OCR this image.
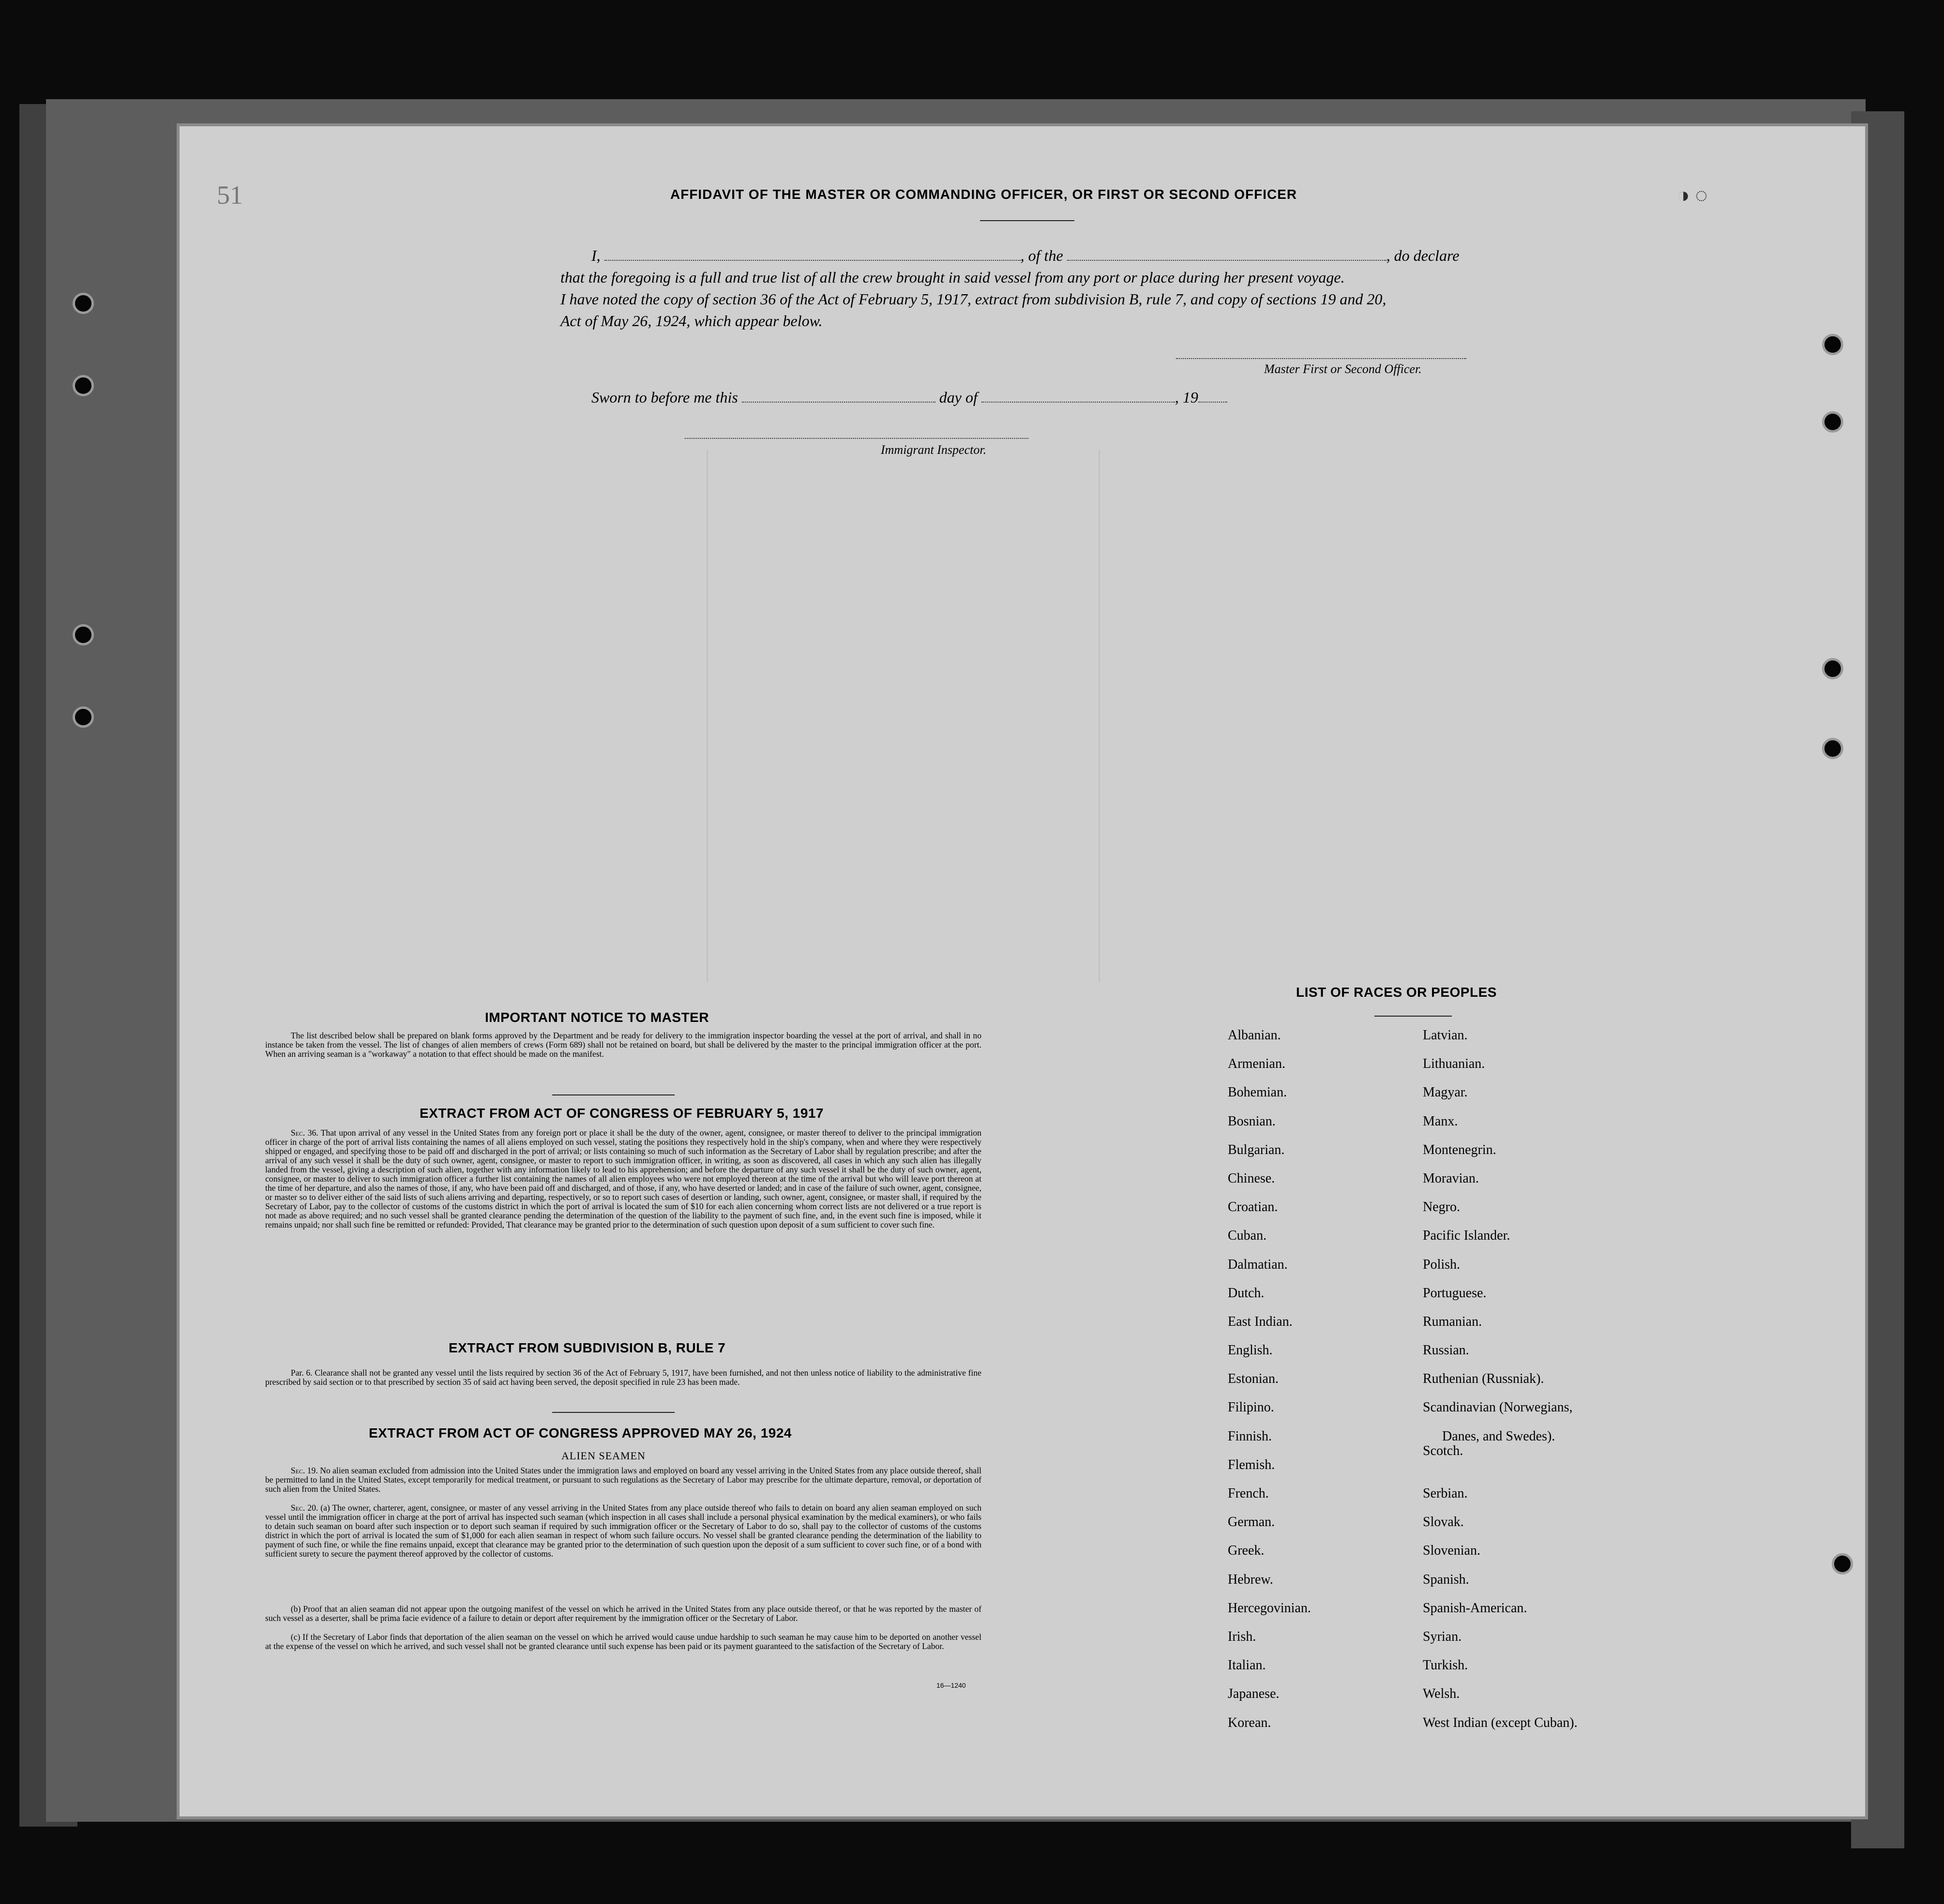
51	◑ ◌
AFFIDAVIT OF THE MASTER OR COMMANDING OFFICER, OR FIRST OR SECOND OFFICER
I,	, of the	, do declare
that the foregoing is a full and true list of all the crew brought in said vessel from any port or place during her present voyage.
I have noted the copy of section 36 of the Act of February 5, 1917, extract from subdivision B, rule 7, and copy of sections 19 and 20,
Act of May 26, 1924, which appear below.
Master First or Second Officer.
Sworn to before me this	day of	, 19
Immigrant Inspector.
IMPORTANT NOTICE TO MASTER

The list described below shall be prepared on blank forms approved by the Department and be ready for delivery to the immigration inspector boarding the vessel at the port of arrival, and shall in no instance be taken from the vessel. The list of changes of alien members of crews (Form 689) shall not be retained on board, but shall be delivered by the master to the principal immigration officer at the port. When an arriving seaman is a "workaway" a notation to that effect should be made on the manifest.

EXTRACT FROM ACT OF CONGRESS OF FEBRUARY 5, 1917

Sec. 36. That upon arrival of any vessel in the United States from any foreign port or place it shall be the duty of the owner, agent, consignee, or master thereof to deliver to the principal immigration officer in charge of the port of arrival lists containing the names of all aliens employed on such vessel, stating the positions they respectively hold in the ship's company, when and where they were respectively shipped or engaged, and specifying those to be paid off and discharged in the port of arrival; or lists containing so much of such information as the Secretary of Labor shall by regulation prescribe; and after the arrival of any such vessel it shall be the duty of such owner, agent, consignee, or master to report to such immigration officer, in writing, as soon as discovered, all cases in which any such alien has illegally landed from the vessel, giving a description of such alien, together with any information likely to lead to his apprehension; and before the departure of any such vessel it shall be the duty of such owner, agent, consignee, or master to deliver to such immigration officer a further list containing the names of all alien employees who were not employed thereon at the time of the arrival but who will leave port thereon at the time of her departure, and also the names of those, if any, who have been paid off and discharged, and of those, if any, who have deserted or landed; and in case of the failure of such owner, agent, consignee, or master so to deliver either of the said lists of such aliens arriving and departing, respectively, or so to report such cases of desertion or landing, such owner, agent, consignee, or master shall, if required by the Secretary of Labor, pay to the collector of customs of the customs district in which the port of arrival is located the sum of $10 for each alien concerning whom correct lists are not delivered or a true report is not made as above required; and no such vessel shall be granted clearance pending the determination of the question of the liability to the payment of such fine, and, in the event such fine is imposed, while it remains unpaid; nor shall such fine be remitted or refunded: Provided, That clearance may be granted prior to the determination of such question upon deposit of a sum sufficient to cover such fine.

EXTRACT FROM SUBDIVISION B, RULE 7

Par. 6. Clearance shall not be granted any vessel until the lists required by section 36 of the Act of February 5, 1917, have been furnished, and not then unless notice of liability to the administrative fine prescribed by said section or to that prescribed by section 35 of said act having been served, the deposit specified in rule 23 has been made.

EXTRACT FROM ACT OF CONGRESS APPROVED MAY 26, 1924
ALIEN SEAMEN

Sec. 19. No alien seaman excluded from admission into the United States under the immigration laws and employed on board any vessel arriving in the United States from any place outside thereof, shall be permitted to land in the United States, except temporarily for medical treatment, or pursuant to such regulations as the Secretary of Labor may prescribe for the ultimate departure, removal, or deportation of such alien from the United States.

Sec. 20. (a) The owner, charterer, agent, consignee, or master of any vessel arriving in the United States from any place outside thereof who fails to detain on board any alien seaman employed on such vessel until the immigration officer in charge at the port of arrival has inspected such seaman (which inspection in all cases shall include a personal physical examination by the medical examiners), or who fails to detain such seaman on board after such inspection or to deport such seaman if required by such immigration officer or the Secretary of Labor to do so, shall pay to the collector of customs of the customs district in which the port of arrival is located the sum of $1,000 for each alien seaman in respect of whom such failure occurs. No vessel shall be granted clearance pending the determination of the liability to payment of such fine, or while the fine remains unpaid, except that clearance may be granted prior to the determination of such question upon the deposit of a sum sufficient to cover such fine, or of a bond with sufficient surety to secure the payment thereof approved by the collector of customs.

(b) Proof that an alien seaman did not appear upon the outgoing manifest of the vessel on which he arrived in the United States from any place outside thereof, or that he was reported by the master of such vessel as a deserter, shall be prima facie evidence of a failure to detain or deport after requirement by the immigration officer or the Secretary of Labor.

(c) If the Secretary of Labor finds that deportation of the alien seaman on the vessel on which he arrived would cause undue hardship to such seaman he may cause him to be deported on another vessel at the expense of the vessel on which he arrived, and such vessel shall not be granted clearance until such expense has been paid or its payment guaranteed to the satisfaction of the Secretary of Labor.

16—1240
LIST OF RACES OR PEOPLES
Albanian.
Armenian.
Bohemian.
Bosnian.
Bulgarian.
Chinese.
Croatian.
Cuban.
Dalmatian.
Dutch.
East Indian.
English.
Estonian.
Filipino.
Finnish.
Flemish.
French.
German.
Greek.
Hebrew.
Hercegovinian.
Irish.
Italian.
Japanese.
Korean.
Latvian.
Lithuanian.
Magyar.
Manx.
Montenegrin.
Moravian.
Negro.
Pacific Islander.
Polish.
Portuguese.
Rumanian.
Russian.
Ruthenian (Russniak).
Scandinavian (Norwegians,
Danes, and Swedes).
Scotch.
Serbian.
Slovak.
Slovenian.
Spanish.
Spanish-American.
Syrian.
Turkish.
Welsh.
West Indian (except Cuban).
